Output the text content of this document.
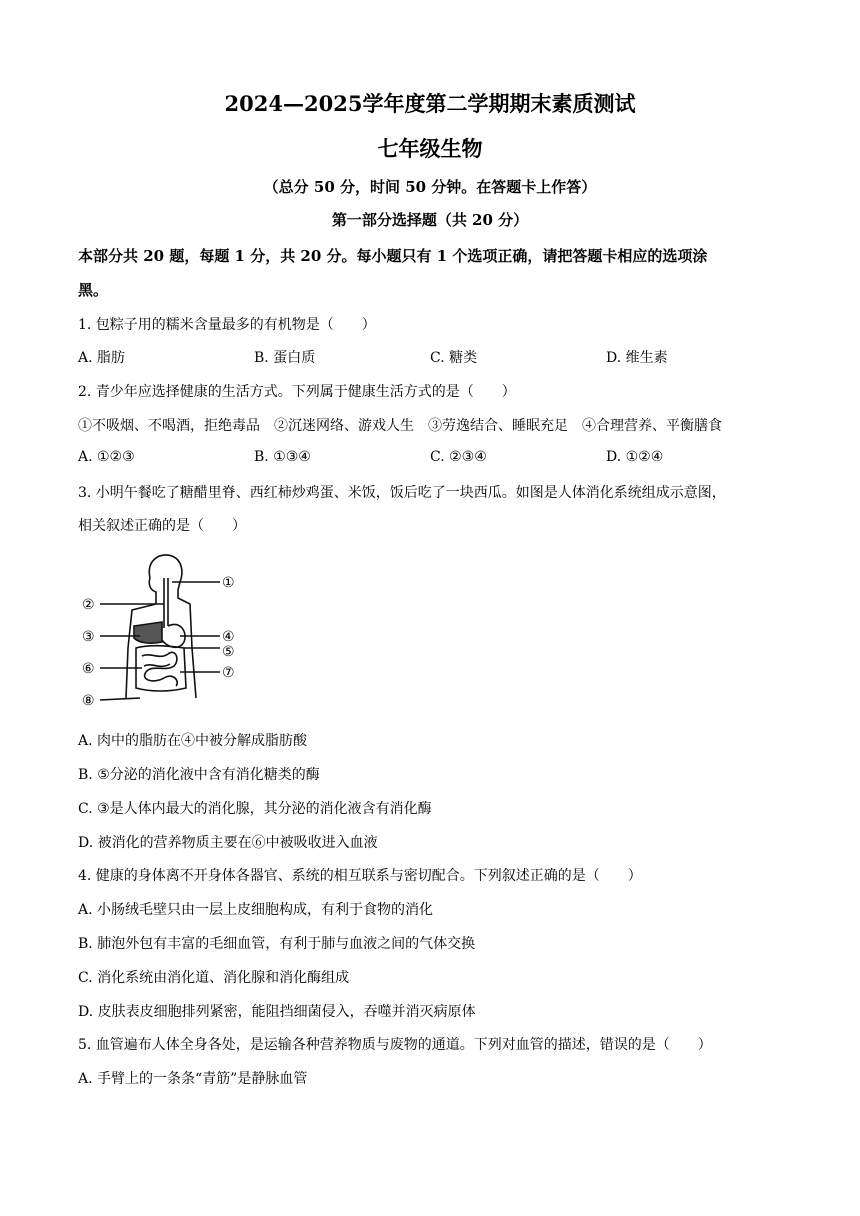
2024—2025学年度第二学期期末素质测试
七年级生物
（总分 50 分，时间 50 分钟。在答题卡上作答）
第一部分选择题（共 20 分）
本部分共 20 题，每题 1 分，共 20 分。每小题只有 1 个选项正确，请把答题卡相应的选项涂
黑。
1. 包粽子用的糯米含量最多的有机物是（　　）
A. 脂肪	B. 蛋白质	C. 糖类	D. 维生素
2. 青少年应选择健康的生活方式。下列属于健康生活方式的是（　　）
①不吸烟、不喝酒，拒绝毒品　②沉迷网络、游戏人生　③劳逸结合、睡眠充足　④合理营养、平衡膳食
A. ①②③	B. ①③④	C. ②③④	D. ①②④
3. 小明午餐吃了糖醋里脊、西红柿炒鸡蛋、米饭，饭后吃了一块西瓜。如图是人体消化系统组成示意图，
相关叙述正确的是（　　）
①
②
③	④
⑤
⑥	⑦
⑧
A. 肉中的脂肪在④中被分解成脂肪酸
B. ⑤分泌的消化液中含有消化糖类的酶
C. ③是人体内最大的消化腺，其分泌的消化液含有消化酶
D. 被消化的营养物质主要在⑥中被吸收进入血液
4. 健康的身体离不开身体各器官、系统的相互联系与密切配合。下列叙述正确的是（　　）
A. 小肠绒毛壁只由一层上皮细胞构成，有利于食物的消化
B. 肺泡外包有丰富的毛细血管，有利于肺与血液之间的气体交换
C. 消化系统由消化道、消化腺和消化酶组成
D. 皮肤表皮细胞排列紧密，能阻挡细菌侵入，吞噬并消灭病原体
5. 血管遍布人体全身各处，是运输各种营养物质与废物的通道。下列对血管的描述，错误的是（　　）
A. 手臂上的一条条“青筋”是静脉血管
